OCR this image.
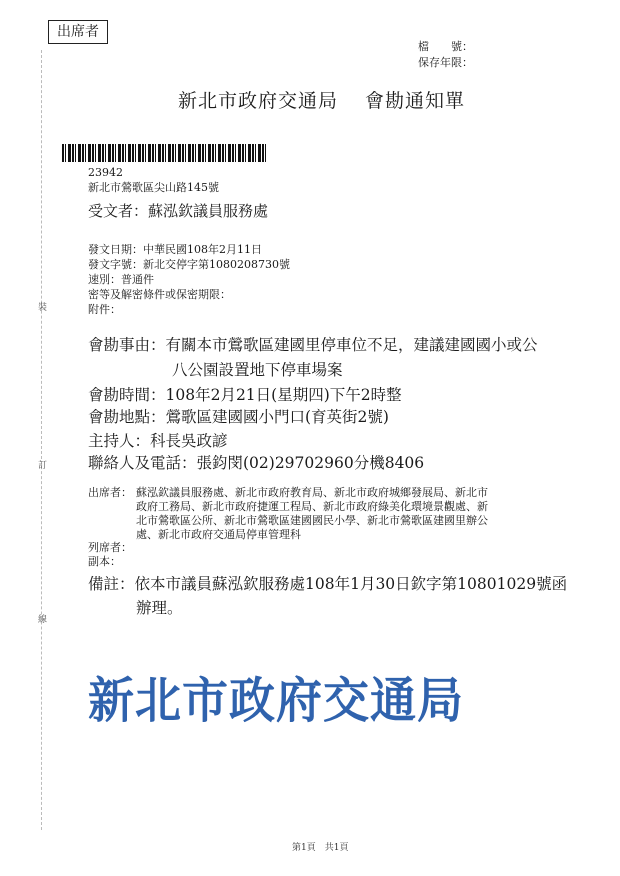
出席者
檔　　號：
保存年限：
新北市政府交通局　 會勘通知單
裝
訂
線
23942
新北市鶯歌區尖山路145號
受文者：蘇泓欽議員服務處
發文日期：中華民國108年2月11日
發文字號：新北交停字第1080208730號
速別：普通件
密等及解密條件或保密期限：
附件：
會勘事由：有關本市鶯歌區建國里停車位不足，建議建國國小或公
八公園設置地下停車場案
會勘時間：108年2月21日(星期四)下午2時整
會勘地點：鶯歌區建國國小門口(育英街2號)
主持人：科長吳政諺
聯絡人及電話：張鈞閔(02)29702960分機8406
出席者： 蘇泓欽議員服務處、新北市政府教育局、新北市政府城鄉發展局、新北市
政府工務局、新北市政府捷運工程局、新北市政府綠美化環境景觀處、新
北市鶯歌區公所、新北市鶯歌區建國國民小學、新北市鶯歌區建國里辦公
處、新北市政府交通局停車管理科
列席者：
副本：
備註：依本市議員蘇泓欽服務處108年1月30日欽字第10801029號函
辦理。
新北市政府交通局
第1頁　共1頁
